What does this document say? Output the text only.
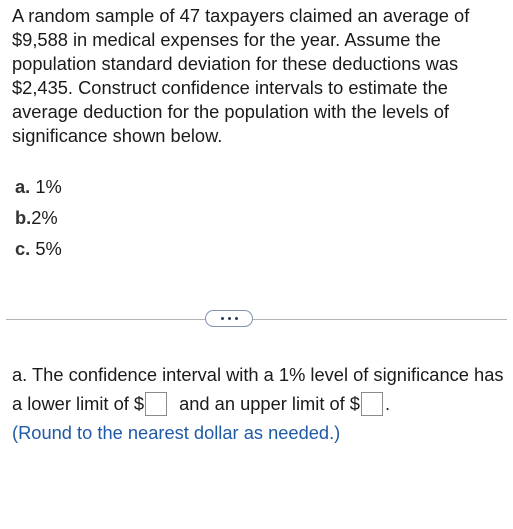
A random sample of 47 taxpayers claimed an average of $9,588 in medical expenses for the year. Assume the population standard deviation for these deductions was $2,435. Construct confidence intervals to estimate the average deduction for the population with the levels of significance shown below.

a. 1%
b.2%
c. 5%
a. The confidence interval with a 1% level of significance has a lower limit of $ and an upper limit of $ .
(Round to the nearest dollar as needed.)
